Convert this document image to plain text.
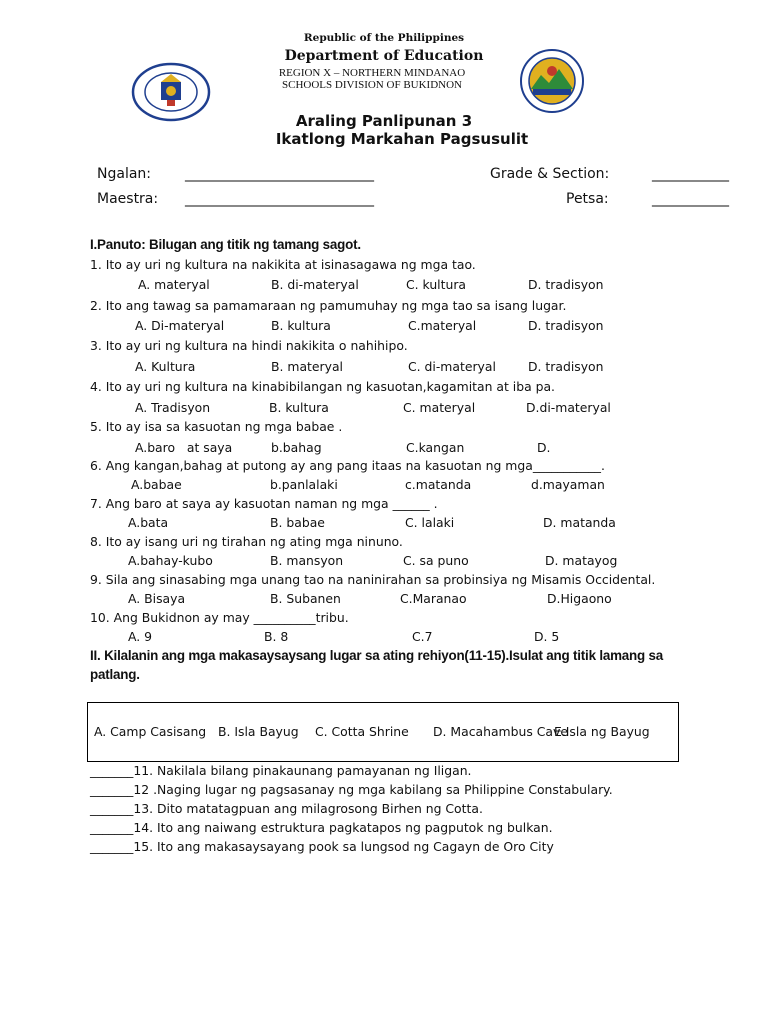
Republic of the Philippines
Department of Education
REGION X – NORTHERN MINDANAO
SCHOOLS DIVISION OF BUKIDNON
Araling Panlipunan 3
Ikatlong Markahan Pagsusulit
Ngalan: ___________________________	Grade & Section:	___________
Maestra: ___________________________	Petsa:	___________
I.Panuto: Bilugan ang titik ng tamang sagot.
1. Ito ay uri ng kultura na nakikita at isinasagawa ng mga tao.
A. materyal	B. di-materyal	C. kultura	D. tradisyon
2. Ito ang tawag sa pamamaraan ng pamumuhay ng mga tao sa isang lugar.
A. Di-materyal	B. kultura	C.materyal	D. tradisyon
3. Ito ay uri ng kultura na hindi nakikita o nahihipo.
A. Kultura	B. materyal	C. di-materyal	D. tradisyon
4. Ito ay uri ng kultura na kinabibilangan ng kasuotan,kagamitan at iba pa.
A. Tradisyon	B. kultura	C. materyal	D.di-materyal
5. Ito ay isa sa kasuotan ng mga babae .
A.baro   at saya	b.bahag	C.kangan	D.
6. Ang kangan,bahag at putong ay ang pang itaas na kasuotan ng mga___________.
A.babae	b.panlalaki	c.matanda	d.mayaman
7. Ang baro at saya ay kasuotan naman ng mga ______ .
A.bata	B. babae	C. lalaki	D. matanda
8. Ito ay isang uri ng tirahan ng ating mga ninuno.
A.bahay-kubo	B. mansyon	C. sa puno	D. matayog
9. Sila ang sinasabing mga unang tao na naninirahan sa probinsiya ng Misamis Occidental.
A. Bisaya	B. Subanen	C.Maranao	D.Higaono
10. Ang Bukidnon ay may __________tribu.
A. 9	B. 8	C.7	D. 5
II. Kilalanin ang mga makasaysaysang lugar sa ating rehiyon(11-15).Isulat ang titik lamang sa
patlang.
A. Camp Casisang B. Isla Bayug C. Cotta Shrine D. Macahambus Cave
E.Isla ng Bayug
_______11. Nakilala bilang pinakaunang pamayanan ng Iligan.
_______12 .Naging lugar ng pagsasanay ng mga kabilang sa Philippine Constabulary.
_______13. Dito matatagpuan ang milagrosong Birhen ng Cotta.
_______14. Ito ang naiwang estruktura pagkatapos ng pagputok ng bulkan.
_______15. Ito ang makasaysayang pook sa lungsod ng Cagayn de Oro City
